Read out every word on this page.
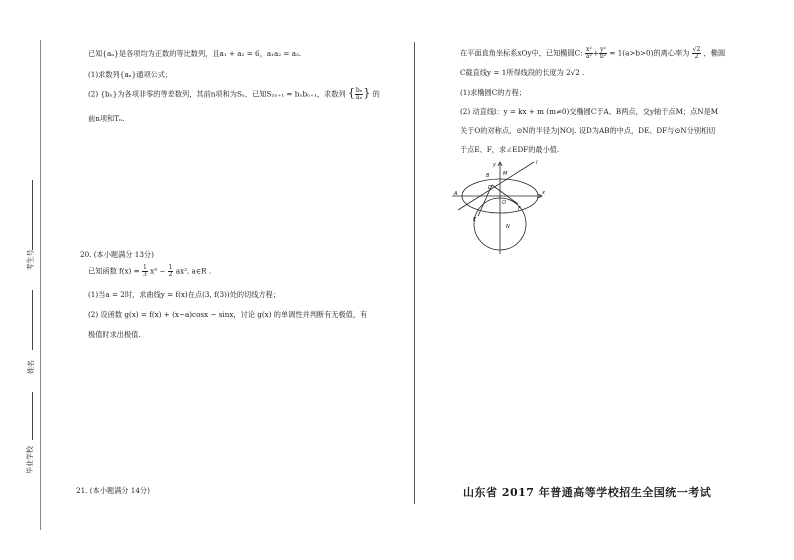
考生号
姓名
毕业学校
已知{aₙ}是各项均为正数的等比数列，且a₁ + a₂ = 6，a₁a₂ = a₃.
(1)求数列{aₙ}通项公式；
(2) {bₙ}为各项非零的等差数列，其前n项和为Sₙ．已知S₂ₙ₊₁ = bₙbₙ₊₁，求数列 { $\frac{\text{bₙ}}{\text{aₙ}}$ } 的
前n项和Tₙ.
20. (本小题满分 13分)
已知函数 $f(x) = \frac{1}{3} x^3 - \frac{1}{2} ax^2$, a∈R .
(1)当a = 2时，求曲线y = f(x)在点(3, f(3))处的切线方程；
(2) 设函数 g(x) = f(x) + (x−a)cosx − sinx，讨论 g(x) 的单调性并判断有无极值，有
极值时求出极值.
21. (本小题满分 14分)
在平面直角坐标系xOy中，已知椭圆C: $\frac{\text{x²}}{\text{a²}} + \frac{\text{y²}}{\text{b²}} = 1(a>b>0)$的离心率为 $\frac{√2}{2}$ ，椭圆
C截直线y = 1所得线段的长度为 2√2 .
(1)求椭圆C的方程；
(2) 动直线l：y = kx + m (m≠0)交椭圆C于A、B两点，交y轴于点M；点N是M
关于O的对称点，⊙N的半径为|NO|. 设D为AB的中点，DE、DF与⊙N分别相切
于点E、F，求∠EDF的最小值.
y	l
x
M
B
D
A
O
F
E
N
山东省 2017 年普通高等学校招生全国统一考试
